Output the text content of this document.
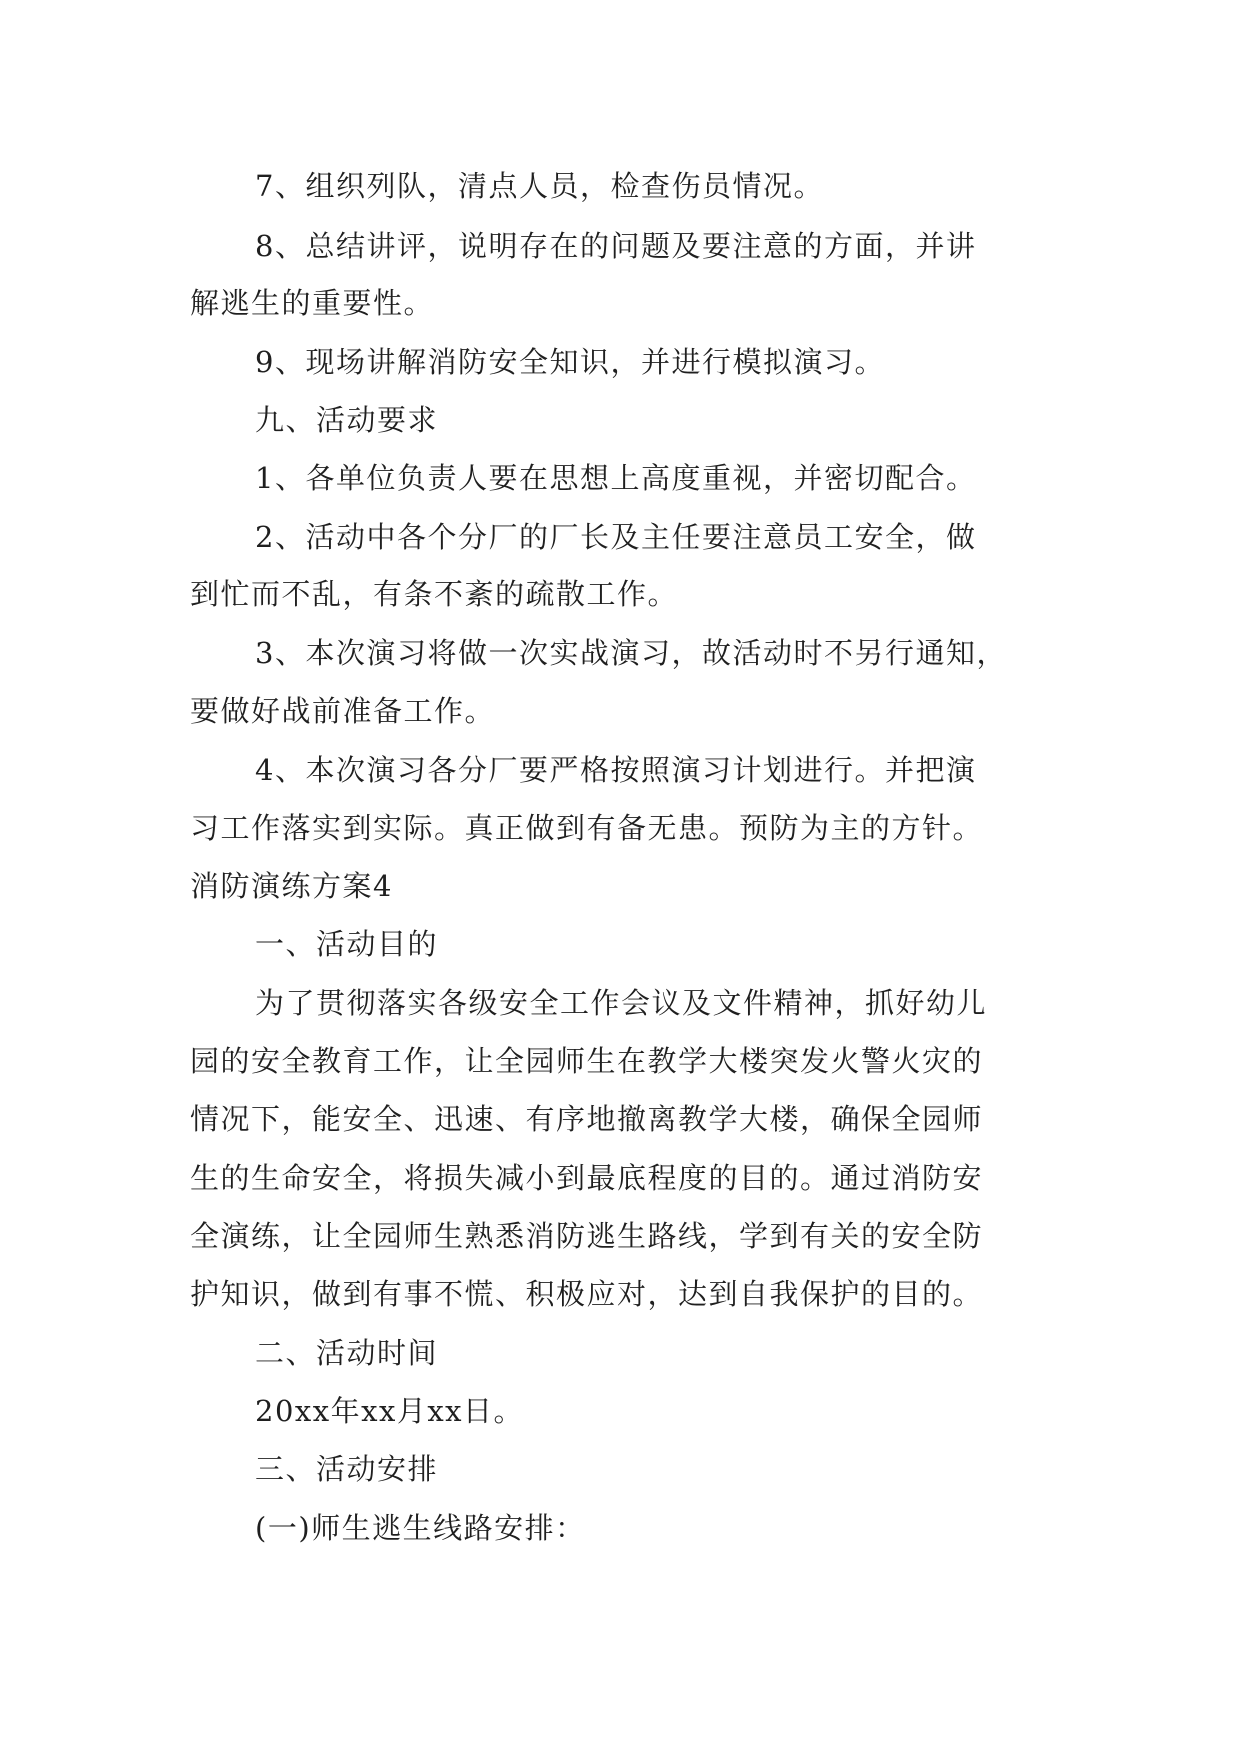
7、组织列队，清点人员，检查伤员情况。
8、总结讲评，说明存在的问题及要注意的方面，并讲
解逃生的重要性。
9、现场讲解消防安全知识，并进行模拟演习。
九、活动要求
1、各单位负责人要在思想上高度重视，并密切配合。
2、活动中各个分厂的厂长及主任要注意员工安全，做
到忙而不乱，有条不紊的疏散工作。
3、本次演习将做一次实战演习，故活动时不另行通知，
要做好战前准备工作。
4、本次演习各分厂要严格按照演习计划进行。并把演
习工作落实到实际。真正做到有备无患。预防为主的方针。
消防演练方案4
一、活动目的
为了贯彻落实各级安全工作会议及文件精神，抓好幼儿
园的安全教育工作，让全园师生在教学大楼突发火警火灾的
情况下，能安全、迅速、有序地撤离教学大楼，确保全园师
生的生命安全，将损失减小到最底程度的目的。通过消防安
全演练，让全园师生熟悉消防逃生路线，学到有关的安全防
护知识，做到有事不慌、积极应对，达到自我保护的目的。
二、活动时间
20xx年xx月xx日。
三、活动安排
(一)师生逃生线路安排：
